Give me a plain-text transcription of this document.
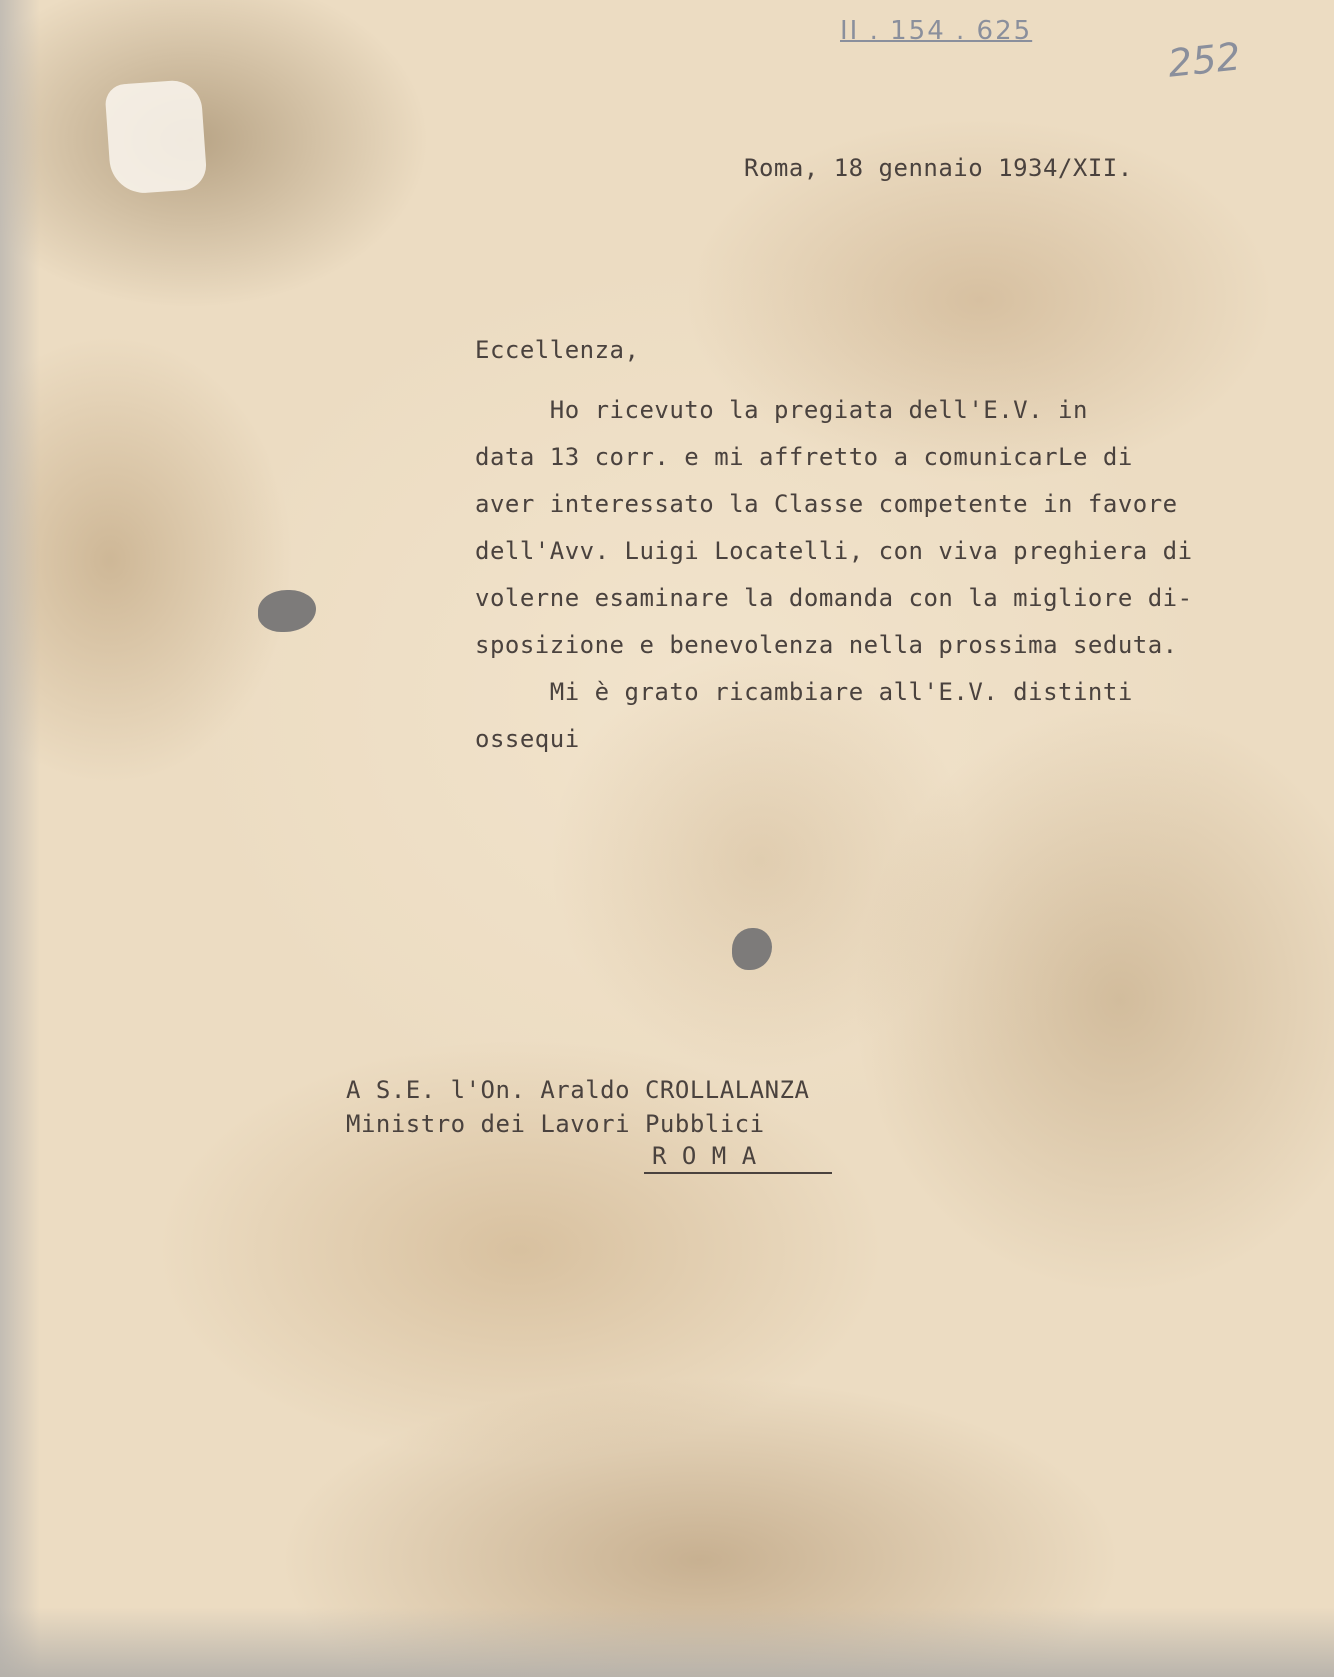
II . 154 . 625
252
Roma, 18 gennaio 1934/XII.
Eccellenza,
Ho ricevuto la pregiata dell'E.V. in
data 13 corr. e mi affretto a comunicarLe di
aver interessato la Classe competente in favore
dell'Avv. Luigi Locatelli, con viva preghiera di
volerne esaminare la domanda con la migliore di-
sposizione e benevolenza nella prossima seduta.
Mi è grato ricambiare all'E.V. distinti
ossequi
A S.E. l'On. Araldo CROLLALANZA
Ministro dei Lavori Pubblici
R O M A
